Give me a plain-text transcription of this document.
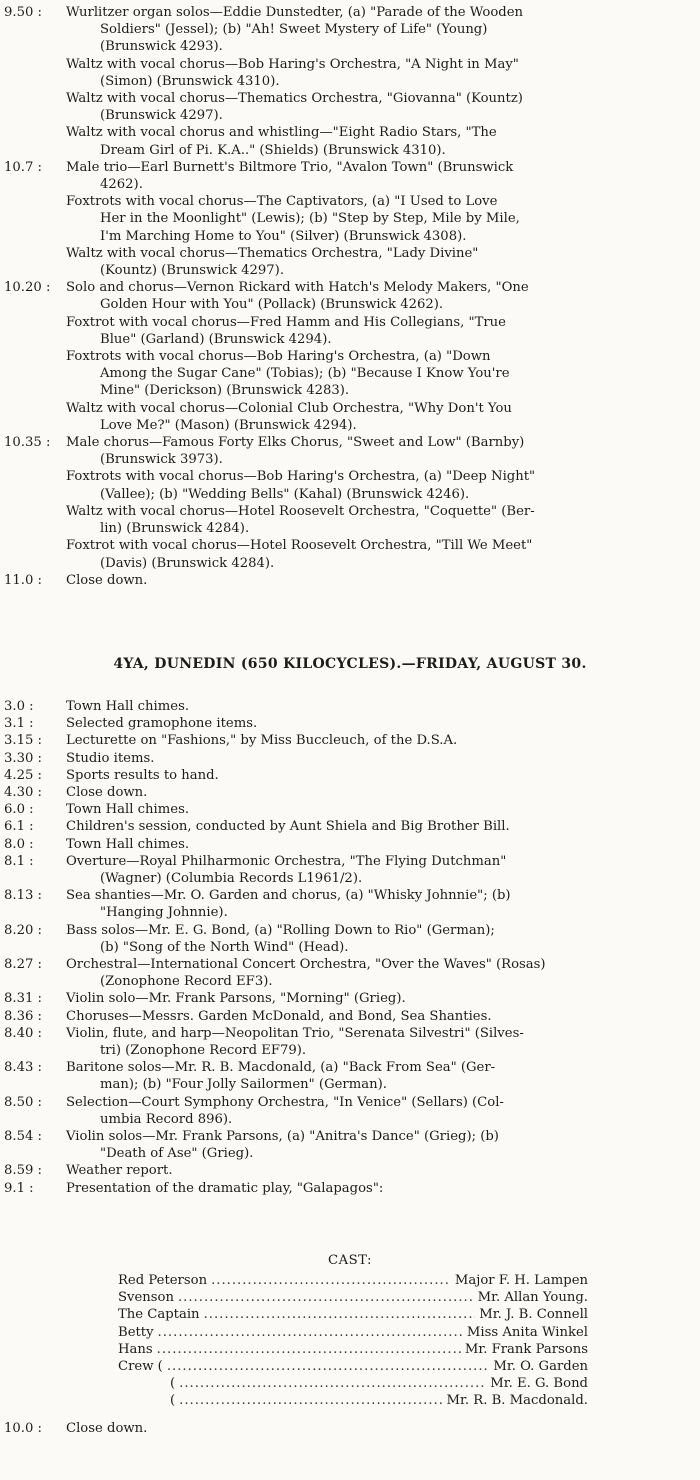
9.50 :	Wurlitzer organ solos—Eddie Dunstedter, (a) "Parade of the Wooden
Soldiers" (Jessel); (b) "Ah! Sweet Mystery of Life" (Young)
(Brunswick 4293).
Waltz with vocal chorus—Bob Haring's Orchestra, "A Night in May"
(Simon) (Brunswick 4310).
Waltz with vocal chorus—Thematics Orchestra, "Giovanna" (Kountz)
(Brunswick 4297).
Waltz with vocal chorus and whistling—"Eight Radio Stars, "The
Dream Girl of Pi. K.A.." (Shields) (Brunswick 4310).
10.7 :	Male trio—Earl Burnett's Biltmore Trio, "Avalon Town" (Brunswick
4262).
Foxtrots with vocal chorus—The Captivators, (a) "I Used to Love
Her in the Moonlight" (Lewis); (b) "Step by Step, Mile by Mile,
I'm Marching Home to You" (Silver) (Brunswick 4308).
Waltz with vocal chorus—Thematics Orchestra, "Lady Divine"
(Kountz) (Brunswick 4297).
10.20 :	Solo and chorus—Vernon Rickard with Hatch's Melody Makers, "One
Golden Hour with You" (Pollack) (Brunswick 4262).
Foxtrot with vocal chorus—Fred Hamm and His Collegians, "True
Blue" (Garland) (Brunswick 4294).
Foxtrots with vocal chorus—Bob Haring's Orchestra, (a) "Down
Among the Sugar Cane" (Tobias); (b) "Because I Know You're
Mine" (Derickson) (Brunswick 4283).
Waltz with vocal chorus—Colonial Club Orchestra, "Why Don't You
Love Me?" (Mason) (Brunswick 4294).
10.35 :	Male chorus—Famous Forty Elks Chorus, "Sweet and Low" (Barnby)
(Brunswick 3973).
Foxtrots with vocal chorus—Bob Haring's Orchestra, (a) "Deep Night"
(Vallee); (b) "Wedding Bells" (Kahal) (Brunswick 4246).
Waltz with vocal chorus—Hotel Roosevelt Orchestra, "Coquette" (Ber-
lin) (Brunswick 4284).
Foxtrot with vocal chorus—Hotel Roosevelt Orchestra, "Till We Meet"
(Davis) (Brunswick 4284).
11.0 :	Close down.
4YA, DUNEDIN (650 KILOCYCLES).—FRIDAY, AUGUST 30.
3.0 :	Town Hall chimes.
3.1 :	Selected gramophone items.
3.15 :	Lecturette on "Fashions," by Miss Buccleuch, of the D.S.A.
3.30 :	Studio items.
4.25 :	Sports results to hand.
4.30 :	Close down.
6.0 :	Town Hall chimes.
6.1 :	Children's session, conducted by Aunt Shiela and Big Brother Bill.
8.0 :	Town Hall chimes.
8.1 :	Overture—Royal Philharmonic Orchestra, "The Flying Dutchman"
(Wagner) (Columbia Records L1961/2).
8.13 :	Sea shanties—Mr. O. Garden and chorus, (a) "Whisky Johnnie"; (b)
"Hanging Johnnie).
8.20 :	Bass solos—Mr. E. G. Bond, (a) "Rolling Down to Rio" (German);
(b) "Song of the North Wind" (Head).
8.27 :	Orchestral—International Concert Orchestra, "Over the Waves" (Rosas)
(Zonophone Record EF3).
8.31 :	Violin solo—Mr. Frank Parsons, "Morning" (Grieg).
8.36 :	Choruses—Messrs. Garden McDonald, and Bond, Sea Shanties.
8.40 :	Violin, flute, and harp—Neopolitan Trio, "Serenata Silvestri" (Silves-
tri) (Zonophone Record EF79).
8.43 :	Baritone solos—Mr. R. B. Macdonald, (a) "Back From Sea" (Ger-
man); (b) "Four Jolly Sailormen" (German).
8.50 :	Selection—Court Symphony Orchestra, "In Venice" (Sellars) (Col-
umbia Record 896).
8.54 :	Violin solos—Mr. Frank Parsons, (a) "Anitra's Dance" (Grieg); (b)
"Death of Ase" (Grieg).
8.59 :	Weather report.
9.1 :	Presentation of the dramatic play, "Galapagos":
CAST:
Red Peterson .....	Major F. H. Lampen
Svenson .....	Mr. Allan Young.
The Captain .....	Mr. J. B. Connell
Betty .....	Miss Anita Winkel
Hans .....	Mr. Frank Parsons
Crew ( .....	Mr. O. Garden
( .....	Mr. E. G. Bond
( .....	Mr. R. B. Macdonald.
10.0 : Close down.
